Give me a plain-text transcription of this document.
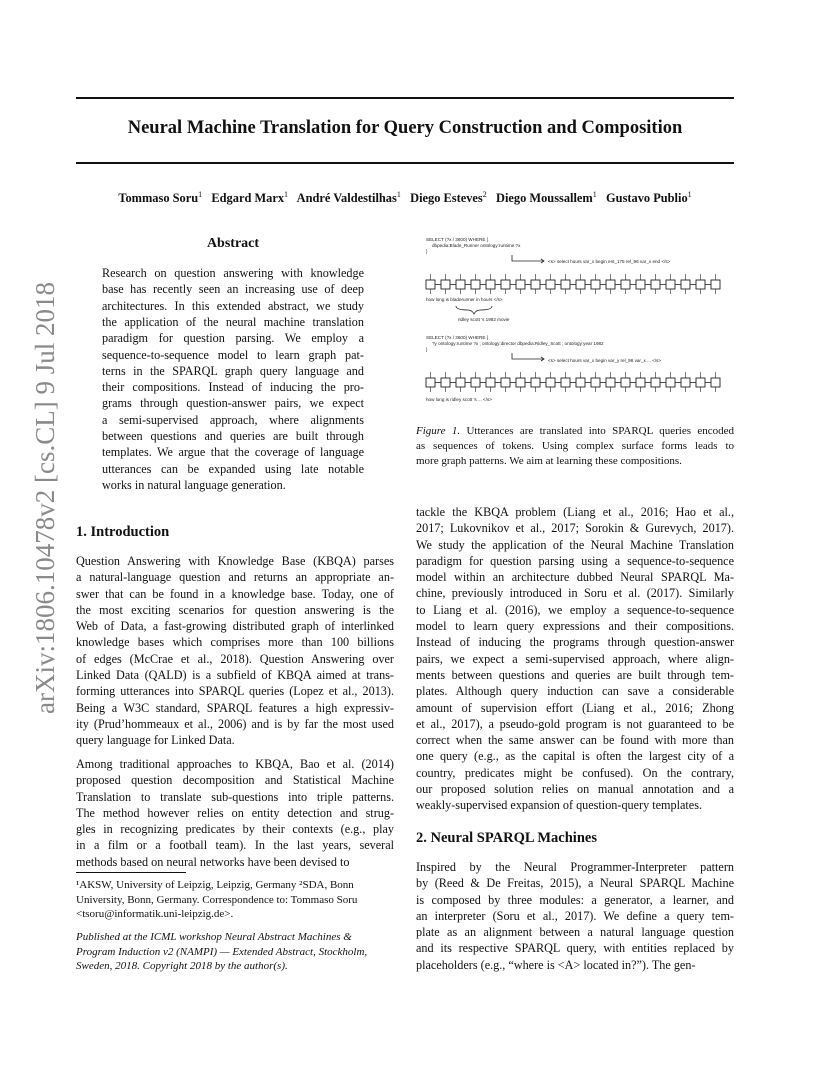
Neural Machine Translation for Query Construction and Composition
Tommaso Soru$^1$ Edgard Marx$^1$ André Valdestilhas$^1$ Diego Esteves$^2$ Diego Moussallem$^1$ Gustavo Publio$^1$
arXiv:1806.10478v2 [cs.CL] 9 Jul 2018
Abstract
Research on question answering with knowledge
base has recently seen an increasing use of deep
architectures. In this extended abstract, we study
the application of the neural machine translation
paradigm for question parsing. We employ a
sequence-to-sequence model to learn graph pat-
terns in the SPARQL graph query language and
their compositions. Instead of inducing the pro-
grams through question-answer pairs, we expect
a semi-supervised approach, where alignments
between questions and queries are built through
templates. We argue that the coverage of language
utterances can be expanded using late notable
works in natural language generation.
SELECT (?x / 3600) WHERE {
dbpedia:Blade_Runner ontology:runtime ?x
}
<s> select hours var_x begin ent_175 rel_96 var_x end </s>
how long is bladerunner in hours </s>
ridley scott 's 1982 movie
SELECT (?x / 3600) WHERE {
?y ontology:runtime ?x ; ontology:director dbpedia:Ridley_Scott ; ontology:year 1982
}
<s> select hours var_x begin var_y rel_96 var_x ... </s>
how long is ridley scott 's ... </s>
Figure 1. Utterances are translated into SPARQL queries encoded
as sequences of tokens. Using complex surface forms leads to
more graph patterns. We aim at learning these compositions.
1. Introduction
Question Answering with Knowledge Base (KBQA) parses
a natural-language question and returns an appropriate an-
swer that can be found in a knowledge base. Today, one of
the most exciting scenarios for question answering is the
Web of Data, a fast-growing distributed graph of interlinked
knowledge bases which comprises more than 100 billions
of edges (McCrae et al., 2018). Question Answering over
Linked Data (QALD) is a subfield of KBQA aimed at trans-
forming utterances into SPARQL queries (Lopez et al., 2013).
Being a W3C standard, SPARQL features a high expressiv-
ity (Prud’hommeaux et al., 2006) and is by far the most used
query language for Linked Data.
Among traditional approaches to KBQA, Bao et al. (2014)
proposed question decomposition and Statistical Machine
Translation to translate sub-questions into triple patterns.
The method however relies on entity detection and strug-
gles in recognizing predicates by their contexts (e.g., play
in a film or a football team). In the last years, several
methods based on neural networks have been devised to
tackle the KBQA problem (Liang et al., 2016; Hao et al.,
2017; Lukovnikov et al., 2017; Sorokin & Gurevych, 2017).
We study the application of the Neural Machine Translation
paradigm for question parsing using a sequence-to-sequence
model within an architecture dubbed Neural SPARQL Ma-
chine, previously introduced in Soru et al. (2017). Similarly
to Liang et al. (2016), we employ a sequence-to-sequence
model to learn query expressions and their compositions.
Instead of inducing the programs through question-answer
pairs, we expect a semi-supervised approach, where align-
ments between questions and queries are built through tem-
plates. Although query induction can save a considerable
amount of supervision effort (Liang et al., 2016; Zhong
et al., 2017), a pseudo-gold program is not guaranteed to be
correct when the same answer can be found with more than
one query (e.g., as the capital is often the largest city of a
country, predicates might be confused). On the contrary,
our proposed solution relies on manual annotation and a
weakly-supervised expansion of question-query templates.
2. Neural SPARQL Machines
Inspired by the Neural Programmer-Interpreter pattern
by (Reed & De Freitas, 2015), a Neural SPARQL Machine
is composed by three modules: a generator, a learner, and
an interpreter (Soru et al., 2017). We define a query tem-
plate as an alignment between a natural language question
and its respective SPARQL query, with entities replaced by
placeholders (e.g., “where is <A> located in?”). The gen-
¹AKSW, University of Leipzig, Leipzig, Germany ²SDA, Bonn
University, Bonn, Germany. Correspondence to: Tommaso Soru
<tsoru@informatik.uni-leipzig.de>.
Published at the ICML workshop Neural Abstract Machines &
Program Induction v2 (NAMPI) — Extended Abstract, Stockholm,
Sweden, 2018. Copyright 2018 by the author(s).
